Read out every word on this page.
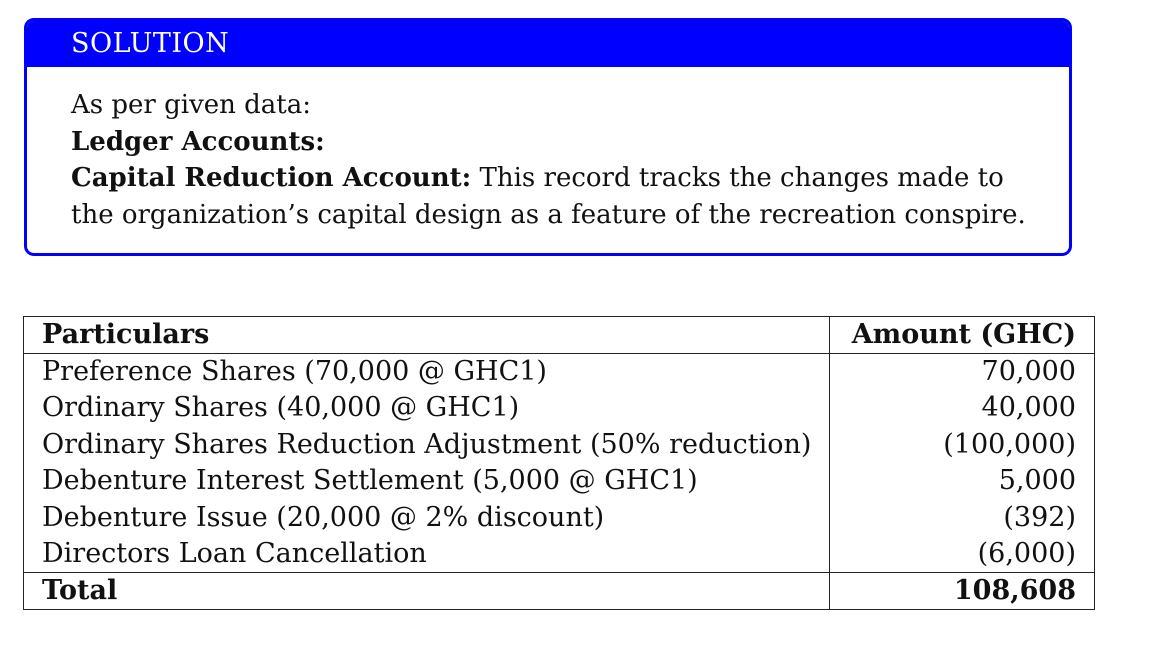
SOLUTION
As per given data:
Ledger Accounts:
Capital Reduction Account: This record tracks the changes made to
the organization’s capital design as a feature of the recreation conspire.
Particulars	Amount (GHC)
Preference Shares (70,000 @ GHC1)	70,000
Ordinary Shares (40,000 @ GHC1)	40,000
Ordinary Shares Reduction Adjustment (50% reduction)	(100,000)
Debenture Interest Settlement (5,000 @ GHC1)	5,000
Debenture Issue (20,000 @ 2% discount)	(392)
Directors Loan Cancellation	(6,000)
Total	108,608
